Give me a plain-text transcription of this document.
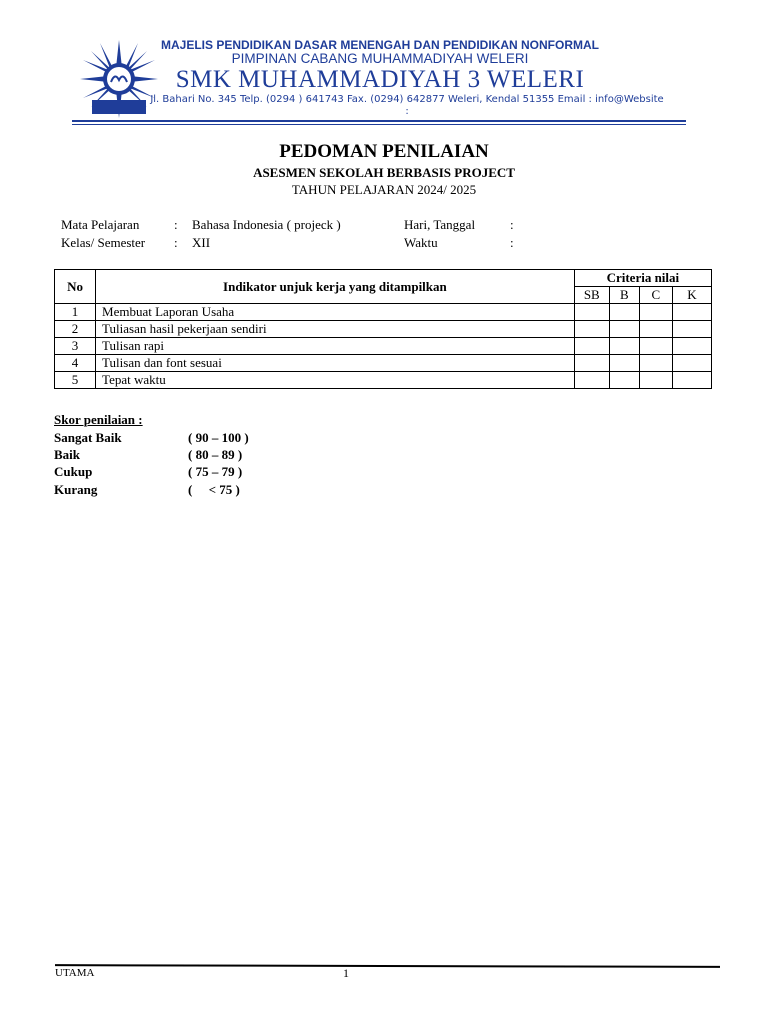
MAJELIS PENDIDIKAN DASAR MENENGAH DAN PENDIDIKAN NONFORMAL
PIMPINAN CABANG MUHAMMADIYAH WELERI
SMK MUHAMMADIYAH 3 WELERI
Jl. Bahari No. 345 Telp. (0294 ) 641743 Fax. (0294) 642877 Weleri, Kendal 51355 Email : info@Website :
PEDOMAN PENILAIAN
ASESMEN SEKOLAH BERBASIS PROJECT
TAHUN PELAJARAN 2024/ 2025
Mata Pelajaran	: Bahasa Indonesia ( projeck )	Hari, Tanggal	:
Kelas/ Semester : XII	Waktu	:
No	Indikator unjuk kerja yang ditampilkan	Criteria nilai			
		SB	B	C	K
1	Membuat Laporan Usaha				
2	Tuliasan hasil pekerjaan sendiri				
3	Tulisan rapi				
4	Tulisan dan font sesuai				
5	Tepat waktu				
Skor penilaian :
Sangat Baik	( 90 – 100 )
Baik	( 80 – 89 )
Cukup	( 75 – 79 )
Kurang	(     < 75 )
UTAMA	1
